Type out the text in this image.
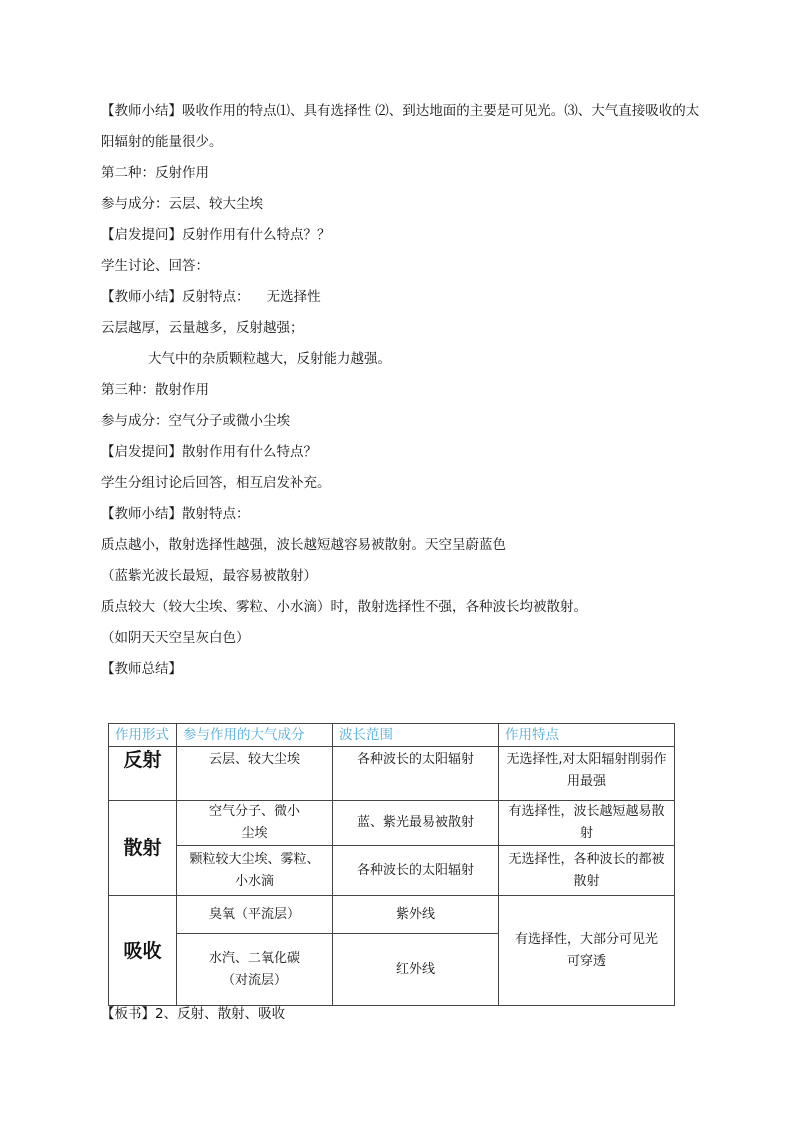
【教师小结】吸收作用的特点⑴、具有选择性 ⑵、到达地面的主要是可见光。⑶、大气直接吸收的太
阳辐射的能量很少。
第二种：反射作用
参与成分：云层、较大尘埃
【启发提问】反射作用有什么特点？？
学生讨论、回答：
【教师小结】反射特点：    无选择性
云层越厚，云量越多，反射越强；
大气中的杂质颗粒越大，反射能力越强。
第三种：散射作用
参与成分：空气分子或微小尘埃
【启发提问】散射作用有什么特点？
学生分组讨论后回答，相互启发补充。
【教师小结】散射特点：
质点越小，散射选择性越强，波长越短越容易被散射。天空呈蔚蓝色
（蓝紫光波长最短，最容易被散射）
质点较大（较大尘埃、雾粒、小水滴）时，散射选择性不强，各种波长均被散射。
（如阴天天空呈灰白色）
【教师总结】
作用形式	参与作用的大气成分	波长范围	作用特点
反射	云层、较大尘埃	各种波长的太阳辐射	无选择性,对太阳辐射削弱作用最强
散射	空气分子、微小尘埃	蓝、紫光最易被散射	有选择性，波长越短越易散射
	颗粒较大尘埃、雾粒、小水滴	各种波长的太阳辐射	无选择性，各种波长的都被散射
吸收	臭氧（平流层）	紫外线	有选择性，大部分可见光可穿透
	水汽、二氧化碳（对流层）	红外线	
【板书】2、反射、散射、吸收
